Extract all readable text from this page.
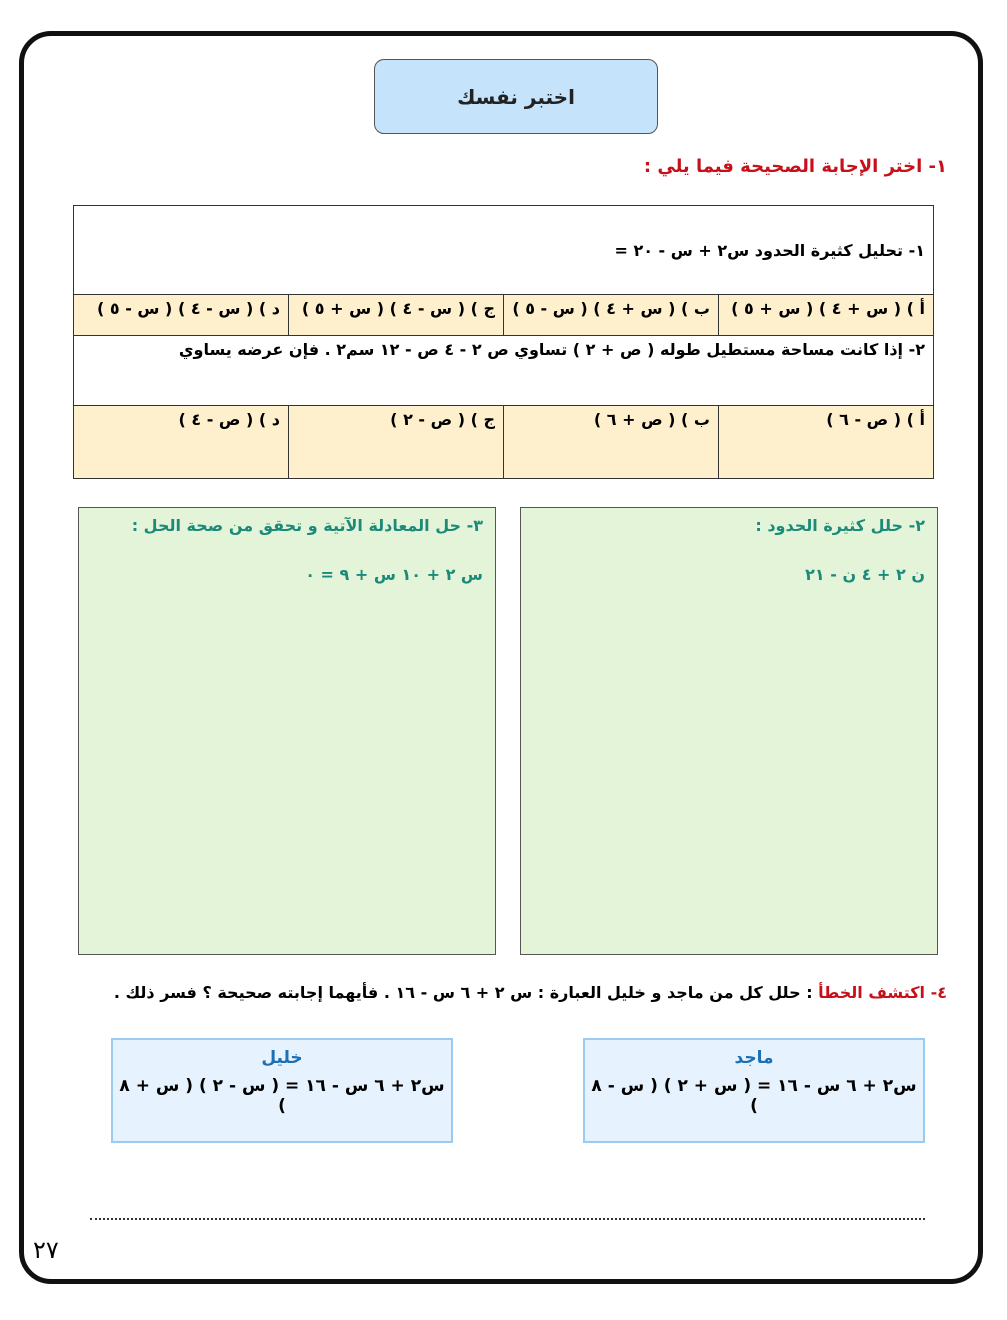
اختبر نفسك
١- اختر الإجابة الصحيحة فيما يلي :
١- تحليل كثيرة الحدود س٢ + س - ٢٠ =			
أ ) ( س + ٤ ) ( س + ٥ )	ب ) ( س + ٤ ) ( س - ٥ )	ج ) ( س - ٤ ) ( س + ٥ )	د ) ( س - ٤ ) ( س - ٥ )
٢- إذا كانت مساحة مستطيل طوله ( ص + ٢ ) تساوي ص ٢ - ٤ ص - ١٢ سم٢ . فإن عرضه يساوي			
أ ) ( ص - ٦ )	ب ) ( ص + ٦ )	ج ) ( ص - ٢ )	د ) ( ص - ٤ )
٢- حلل كثيرة الحدود :
ن ٢ + ٤ ن - ٢١
٣- حل المعادلة الآتية و تحقق من صحة الحل :
س ٢ + ١٠ س + ٩ = ٠
٤- اكتشف الخطأ : حلل كل من ماجد و خليل العبارة : س ٢ + ٦ س - ١٦ . فأيهما إجابته صحيحة ؟ فسر ذلك .
ماجد
س٢ + ٦ س - ١٦ = ( س + ٢ ) ( س - ٨ )
خليل
س٢ + ٦ س - ١٦ = ( س - ٢ ) ( س + ٨ )
٢٧
